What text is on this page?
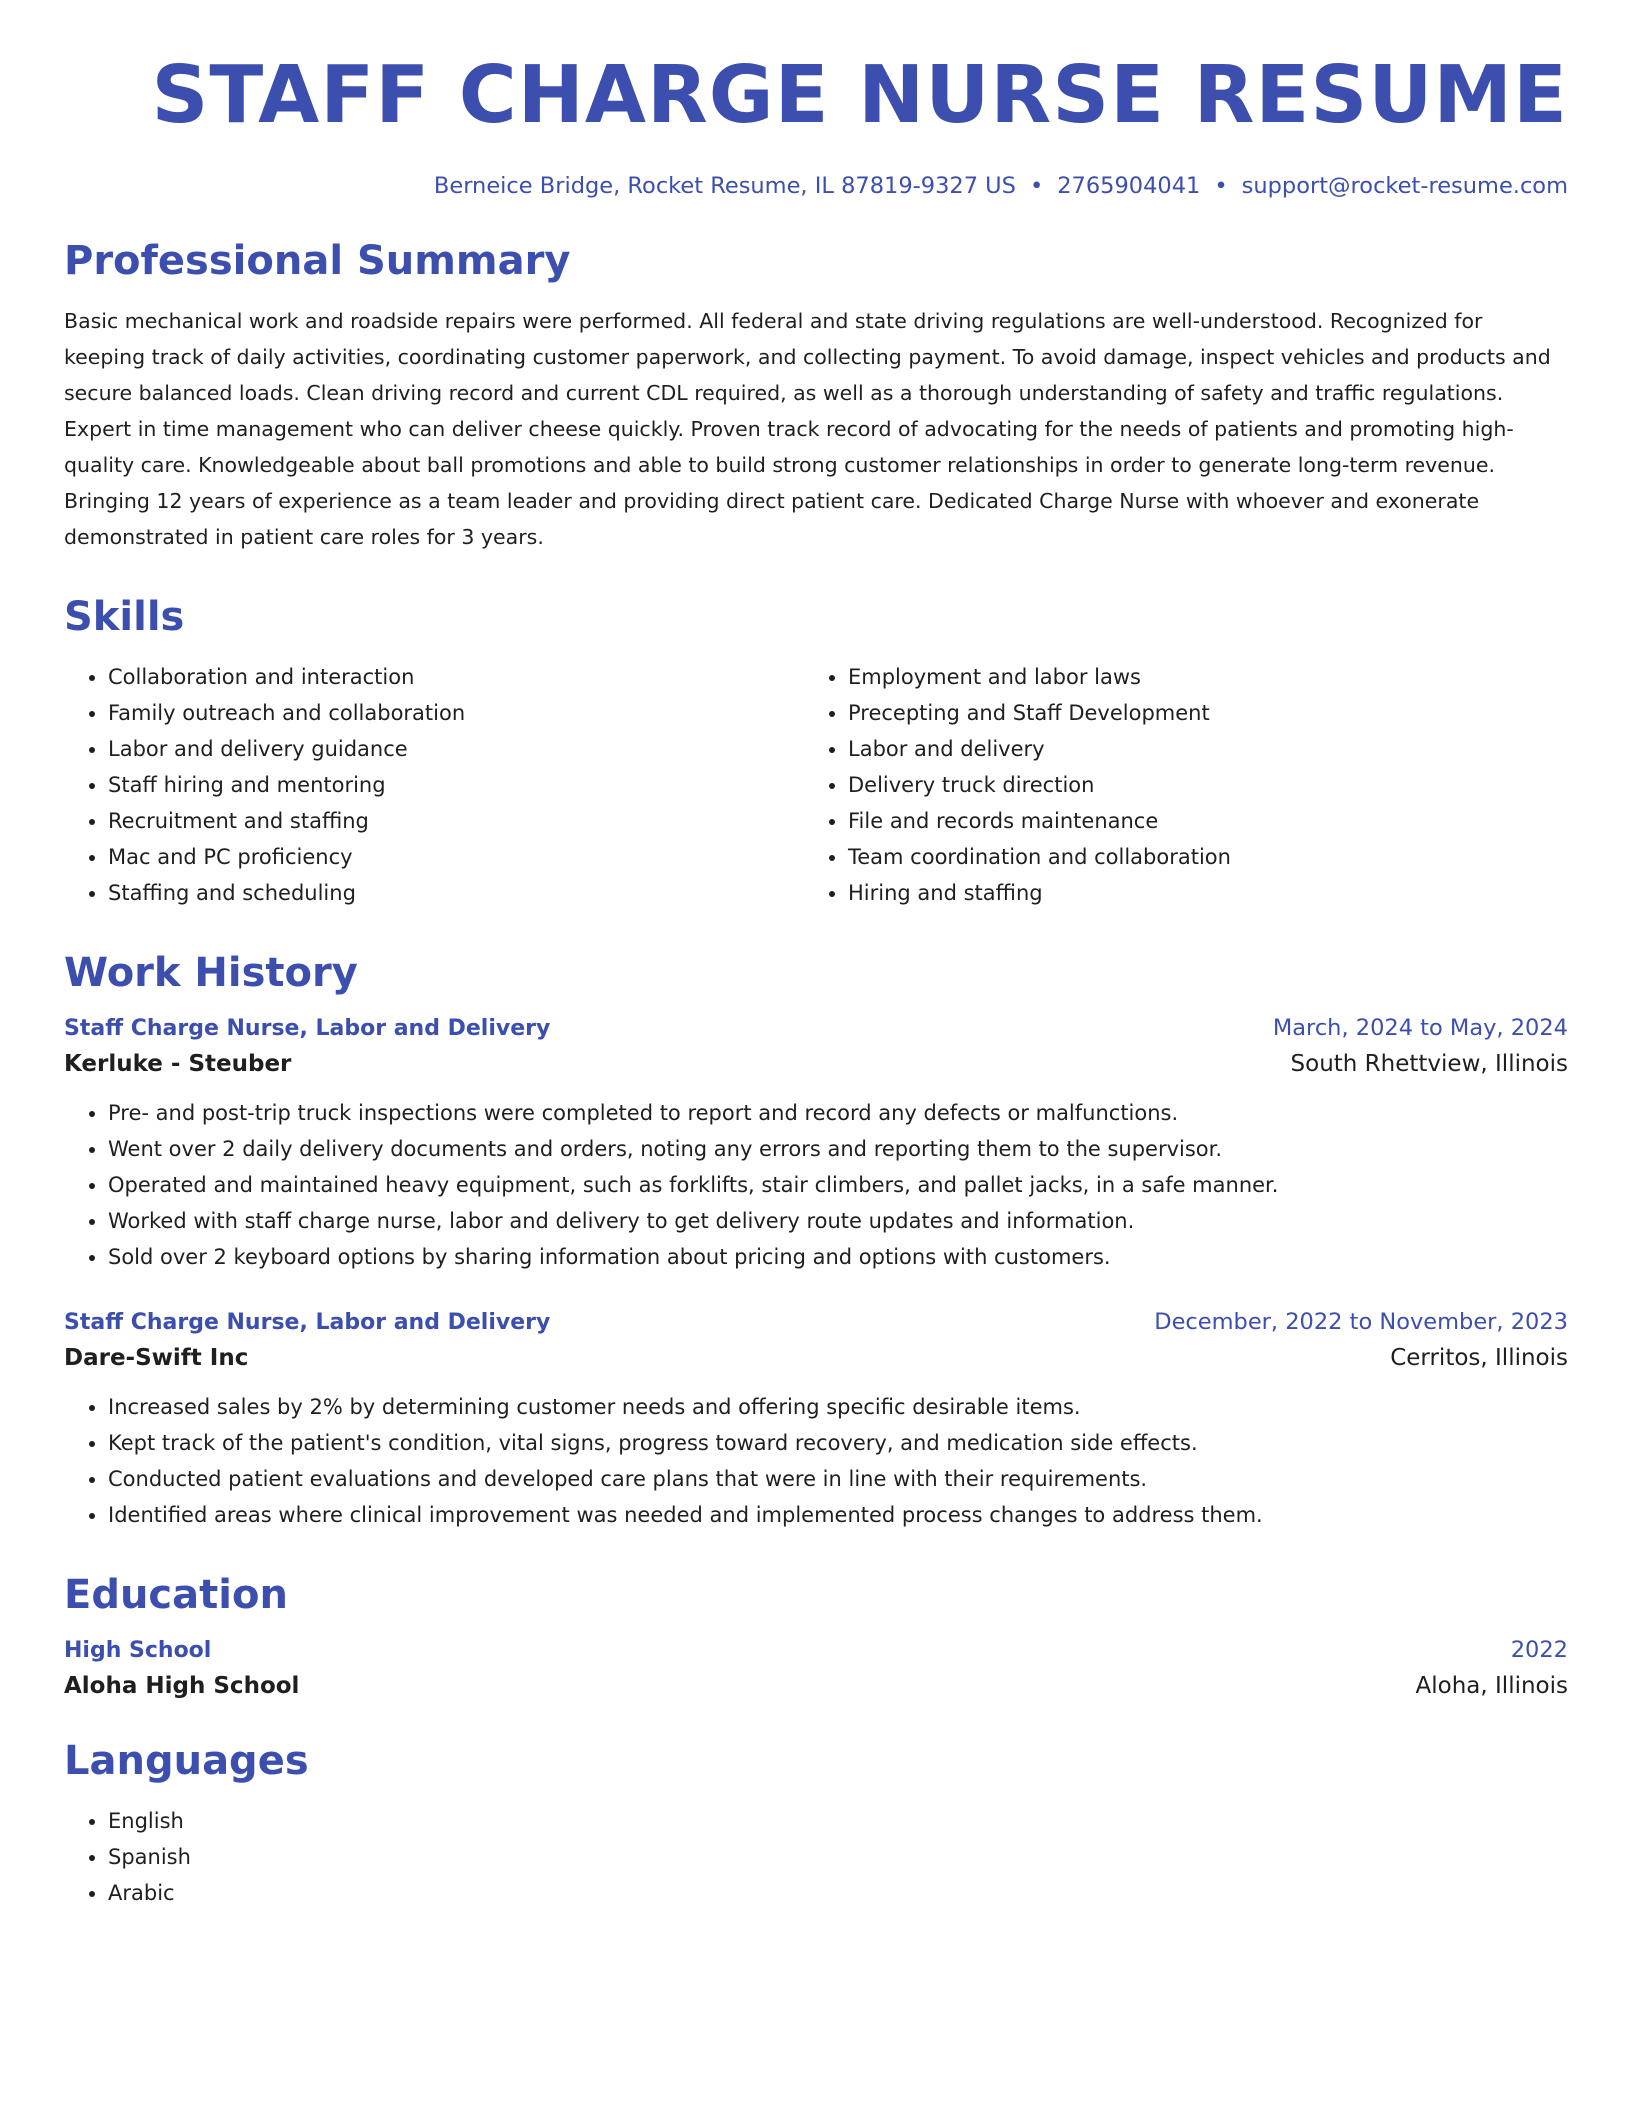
STAFF CHARGE NURSE RESUME
Berneice Bridge, Rocket Resume, IL 87819-9327 US • 2765904041 • support@rocket-resume.com
Professional Summary

Basic mechanical work and roadside repairs were performed. All federal and state driving regulations are well-understood. Recognized for keeping track of daily activities, coordinating customer paperwork, and collecting payment. To avoid damage, inspect vehicles and products and secure balanced loads. Clean driving record and current CDL required, as well as a thorough understanding of safety and traffic regulations. Expert in time management who can deliver cheese quickly. Proven track record of advocating for the needs of patients and promoting high-quality care. Knowledgeable about ball promotions and able to build strong customer relationships in order to generate long-term revenue. Bringing 12 years of experience as a team leader and providing direct patient care. Dedicated Charge Nurse with whoever and exonerate demonstrated in patient care roles for 3 years.

Skills
• Collaboration and interaction
• Family outreach and collaboration
• Labor and delivery guidance
• Staff hiring and mentoring
• Recruitment and staffing
• Mac and PC proficiency
• Staffing and scheduling
• Employment and labor laws
• Precepting and Staff Development
• Labor and delivery
• Delivery truck direction
• File and records maintenance
• Team coordination and collaboration
• Hiring and staffing
Work History
Staff Charge Nurse, Labor and Delivery	March, 2024 to May, 2024
Kerluke - Steuber	South Rhettview, Illinois
• Pre- and post-trip truck inspections were completed to report and record any defects or malfunctions.
• Went over 2 daily delivery documents and orders, noting any errors and reporting them to the supervisor.
• Operated and maintained heavy equipment, such as forklifts, stair climbers, and pallet jacks, in a safe manner.
• Worked with staff charge nurse, labor and delivery to get delivery route updates and information.
• Sold over 2 keyboard options by sharing information about pricing and options with customers.
Staff Charge Nurse, Labor and Delivery	December, 2022 to November, 2023
Dare-Swift Inc	Cerritos, Illinois
• Increased sales by 2% by determining customer needs and offering specific desirable items.
• Kept track of the patient's condition, vital signs, progress toward recovery, and medication side effects.
• Conducted patient evaluations and developed care plans that were in line with their requirements.
• Identified areas where clinical improvement was needed and implemented process changes to address them.
Education
High School	2022
Aloha High School	Aloha, Illinois
Languages
• English
• Spanish
• Arabic
